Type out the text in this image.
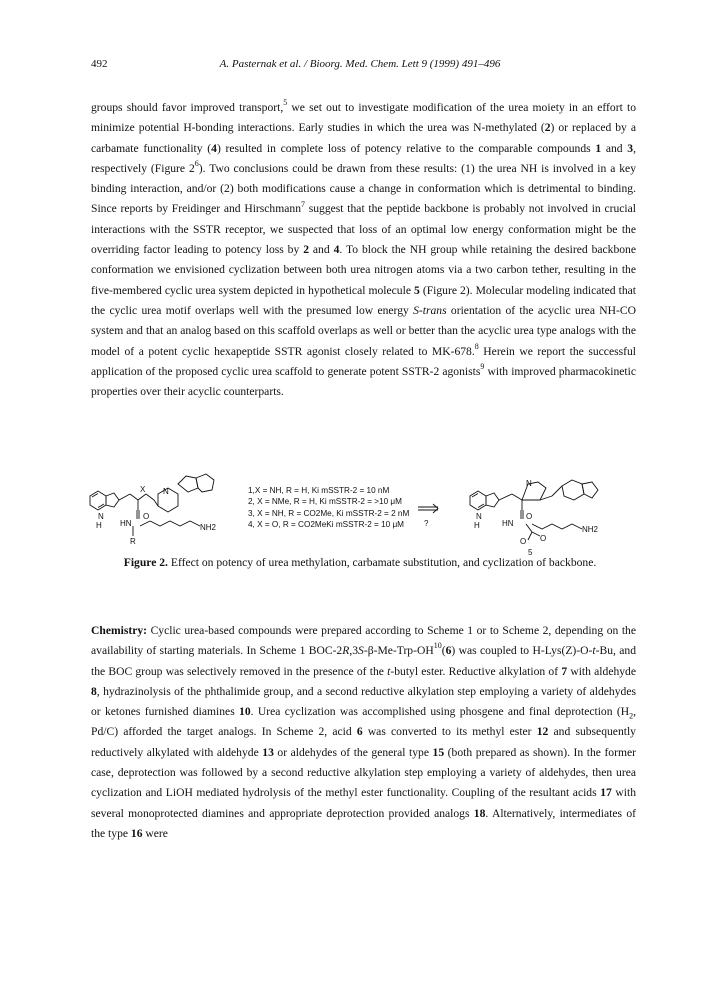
492	A. Pasternak et al. / Bioorg. Med. Chem. Lett 9 (1999) 491–496
groups should favor improved transport,$^5$ we set out to investigate modification of the urea moiety in an effort to minimize potential H-bonding interactions. Early studies in which the urea was N-methylated (2) or replaced by a carbamate functionality (4) resulted in complete loss of potency relative to the comparable compounds 1 and 3, respectively (Figure $2^6$). Two conclusions could be drawn from these results: (1) the urea NH is involved in a key binding interaction, and/or (2) both modifications cause a change in conformation which is detrimental to binding. Since reports by Freidinger and Hirschmann$^7$ suggest that the peptide backbone is probably not involved in crucial interactions with the SSTR receptor, we suspected that loss of an optimal low energy conformation might be the overriding factor leading to potency loss by 2 and 4. To block the NH group while retaining the desired backbone conformation we envisioned cyclization between both urea nitrogen atoms via a two carbon tether, resulting in the five-membered cyclic urea system depicted in hypothetical molecule 5 (Figure 2). Molecular modeling indicated that the cyclic urea motif overlaps well with the presumed low energy S-trans orientation of the acyclic urea NH-CO system and that an analog based on this scaffold overlaps as well or better than the acyclic urea type analogs with the model of a potent cyclic hexapeptide SSTR agonist closely related to MK-678.$^8$ Herein we report the successful application of the proposed cyclic urea scaffold to generate potent SSTR-2 agonists$^9$ with improved pharmacokinetic properties over their acyclic counterparts.
N
H HN
X
O
NH2
R
N
?
N
H	HN
N
O
O O
NH2
5
1,X = NH, R = H, Ki mSSTR-2 = 10 nM
2, X = NMe, R = H, Ki mSSTR-2 = >10 μM
3, X = NH, R = CO2Me, Ki mSSTR-2 = 2 nM
4, X = O, R = CO2MeKi mSSTR-2 = 10 μM
Figure 2. Effect on potency of urea methylation, carbamate substitution, and cyclization of backbone.
Chemistry: Cyclic urea-based compounds were prepared according to Scheme 1 or to Scheme 2, depending on the availability of starting materials. In Scheme 1 BOC-2R,3S-β-Me-Trp-OH$^{10}$(6) was coupled to H-Lys(Z)-O-t-Bu, and the BOC group was selectively removed in the presence of the t-butyl ester. Reductive alkylation of 7 with aldehyde 8, hydrazinolysis of the phthalimide group, and a second reductive alkylation step employing a variety of aldehydes or ketones furnished diamines 10. Urea cyclization was accomplished using phosgene and final deprotection ($H_2$, Pd/C) afforded the target analogs. In Scheme 2, acid 6 was converted to its methyl ester 12 and subsequently reductively alkylated with aldehyde 13 or aldehydes of the general type 15 (both prepared as shown). In the former case, deprotection was followed by a second reductive alkylation step employing a variety of aldehydes, then urea cyclization and LiOH mediated hydrolysis of the methyl ester functionality. Coupling of the resultant acids 17 with several monoprotected diamines and appropriate deprotection provided analogs 18. Alternatively, intermediates of the type 16 were
